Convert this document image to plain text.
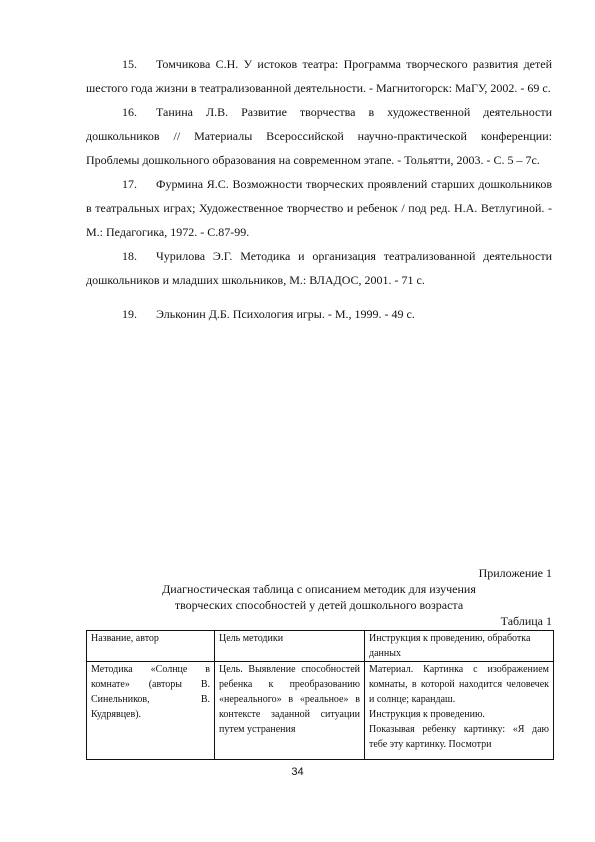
15. Томчикова С.Н. У истоков театра: Программа творческого развития детей шестого года жизни в театрализованной деятельности. - Магнитогорск: МаГУ, 2002. - 69 с.

16. Танина Л.В. Развитие творчества в художественной деятельности дошкольников // Материалы Всероссийской научно-практической конференции: Проблемы дошкольного образования на современном этапе. - Тольятти, 2003. - С. 5 – 7с.

17. Фурмина Я.С. Возможности творческих проявлений старших дошкольников в театральных играх; Художественное творчество и ребенок / под ред. Н.А. Ветлугиной. - М.: Педагогика, 1972. - С.87-99.

18. Чурилова Э.Г. Методика и организация театрализованной деятельности дошкольников и младших школьников, М.: ВЛАДОС, 2001. - 71 с.

19. Эльконин Д.Б. Психология игры. - М., 1999. - 49 с.

Приложение 1
Диагностическая таблица с описанием методик для изучения
творческих способностей у детей дошкольного возраста
Таблица 1
Название, автор	Цель методики	Инструкция к проведению, обработка данных
Методика «Солнце в комнате» (авторы В. Синельников, В. Кудрявцев).	Цель. Выявление способностей ребенка к преобразованию «нереального» в «реальное» в контексте заданной ситуации путем устранения	Материал. Картинка с изображением комнаты, в которой находится человечек и солнце; карандаш.

Инструкция к проведению.

Показывая ребенку картинку: «Я даю тебе эту картинку. Посмотри

34
